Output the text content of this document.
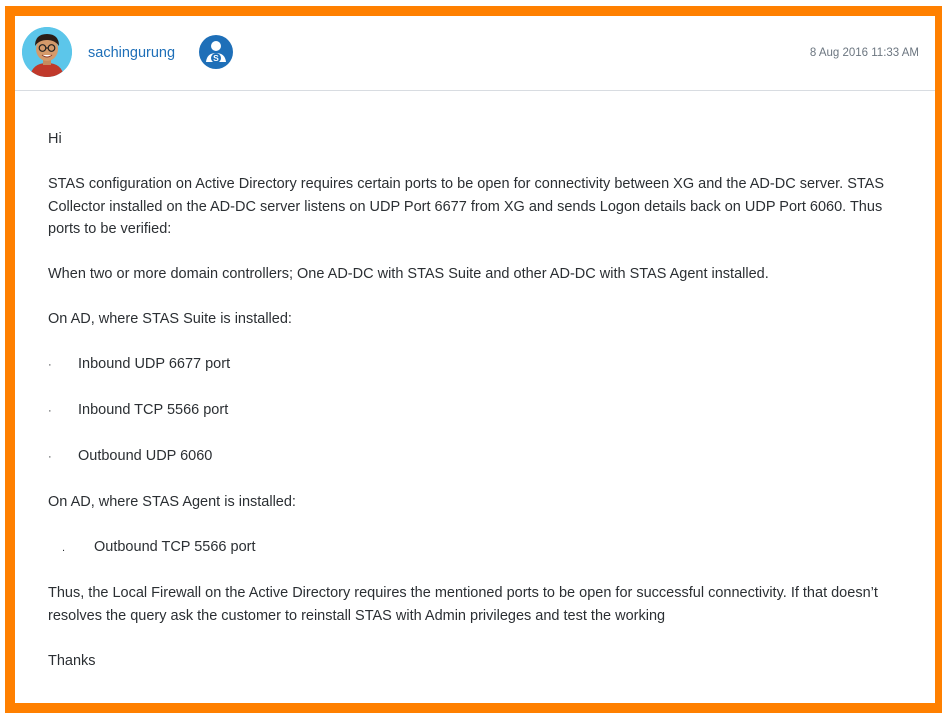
sachingurung	S	8 Aug 2016 11:33 AM

Hi

STAS configuration on Active Directory requires certain ports to be open for connectivity between XG and the AD-DC server. STAS Collector installed on the AD-DC server listens on UDP Port 6677 from XG and sends Logon details back on UDP Port 6060. Thus ports to be verified:

When two or more domain controllers; One AD-DC with STAS Suite and other AD-DC with STAS Agent installed.

On AD, where STAS Suite is installed:

·	Inbound UDP 6677 port
·	Inbound TCP 5566 port
·	Outbound UDP 6060

On AD, where STAS Agent is installed:

.	Outbound TCP 5566 port

Thus, the Local Firewall on the Active Directory requires the mentioned ports to be open for successful connectivity. If that doesn’t resolves the query ask the customer to reinstall STAS with Admin privileges and test the working

Thanks
